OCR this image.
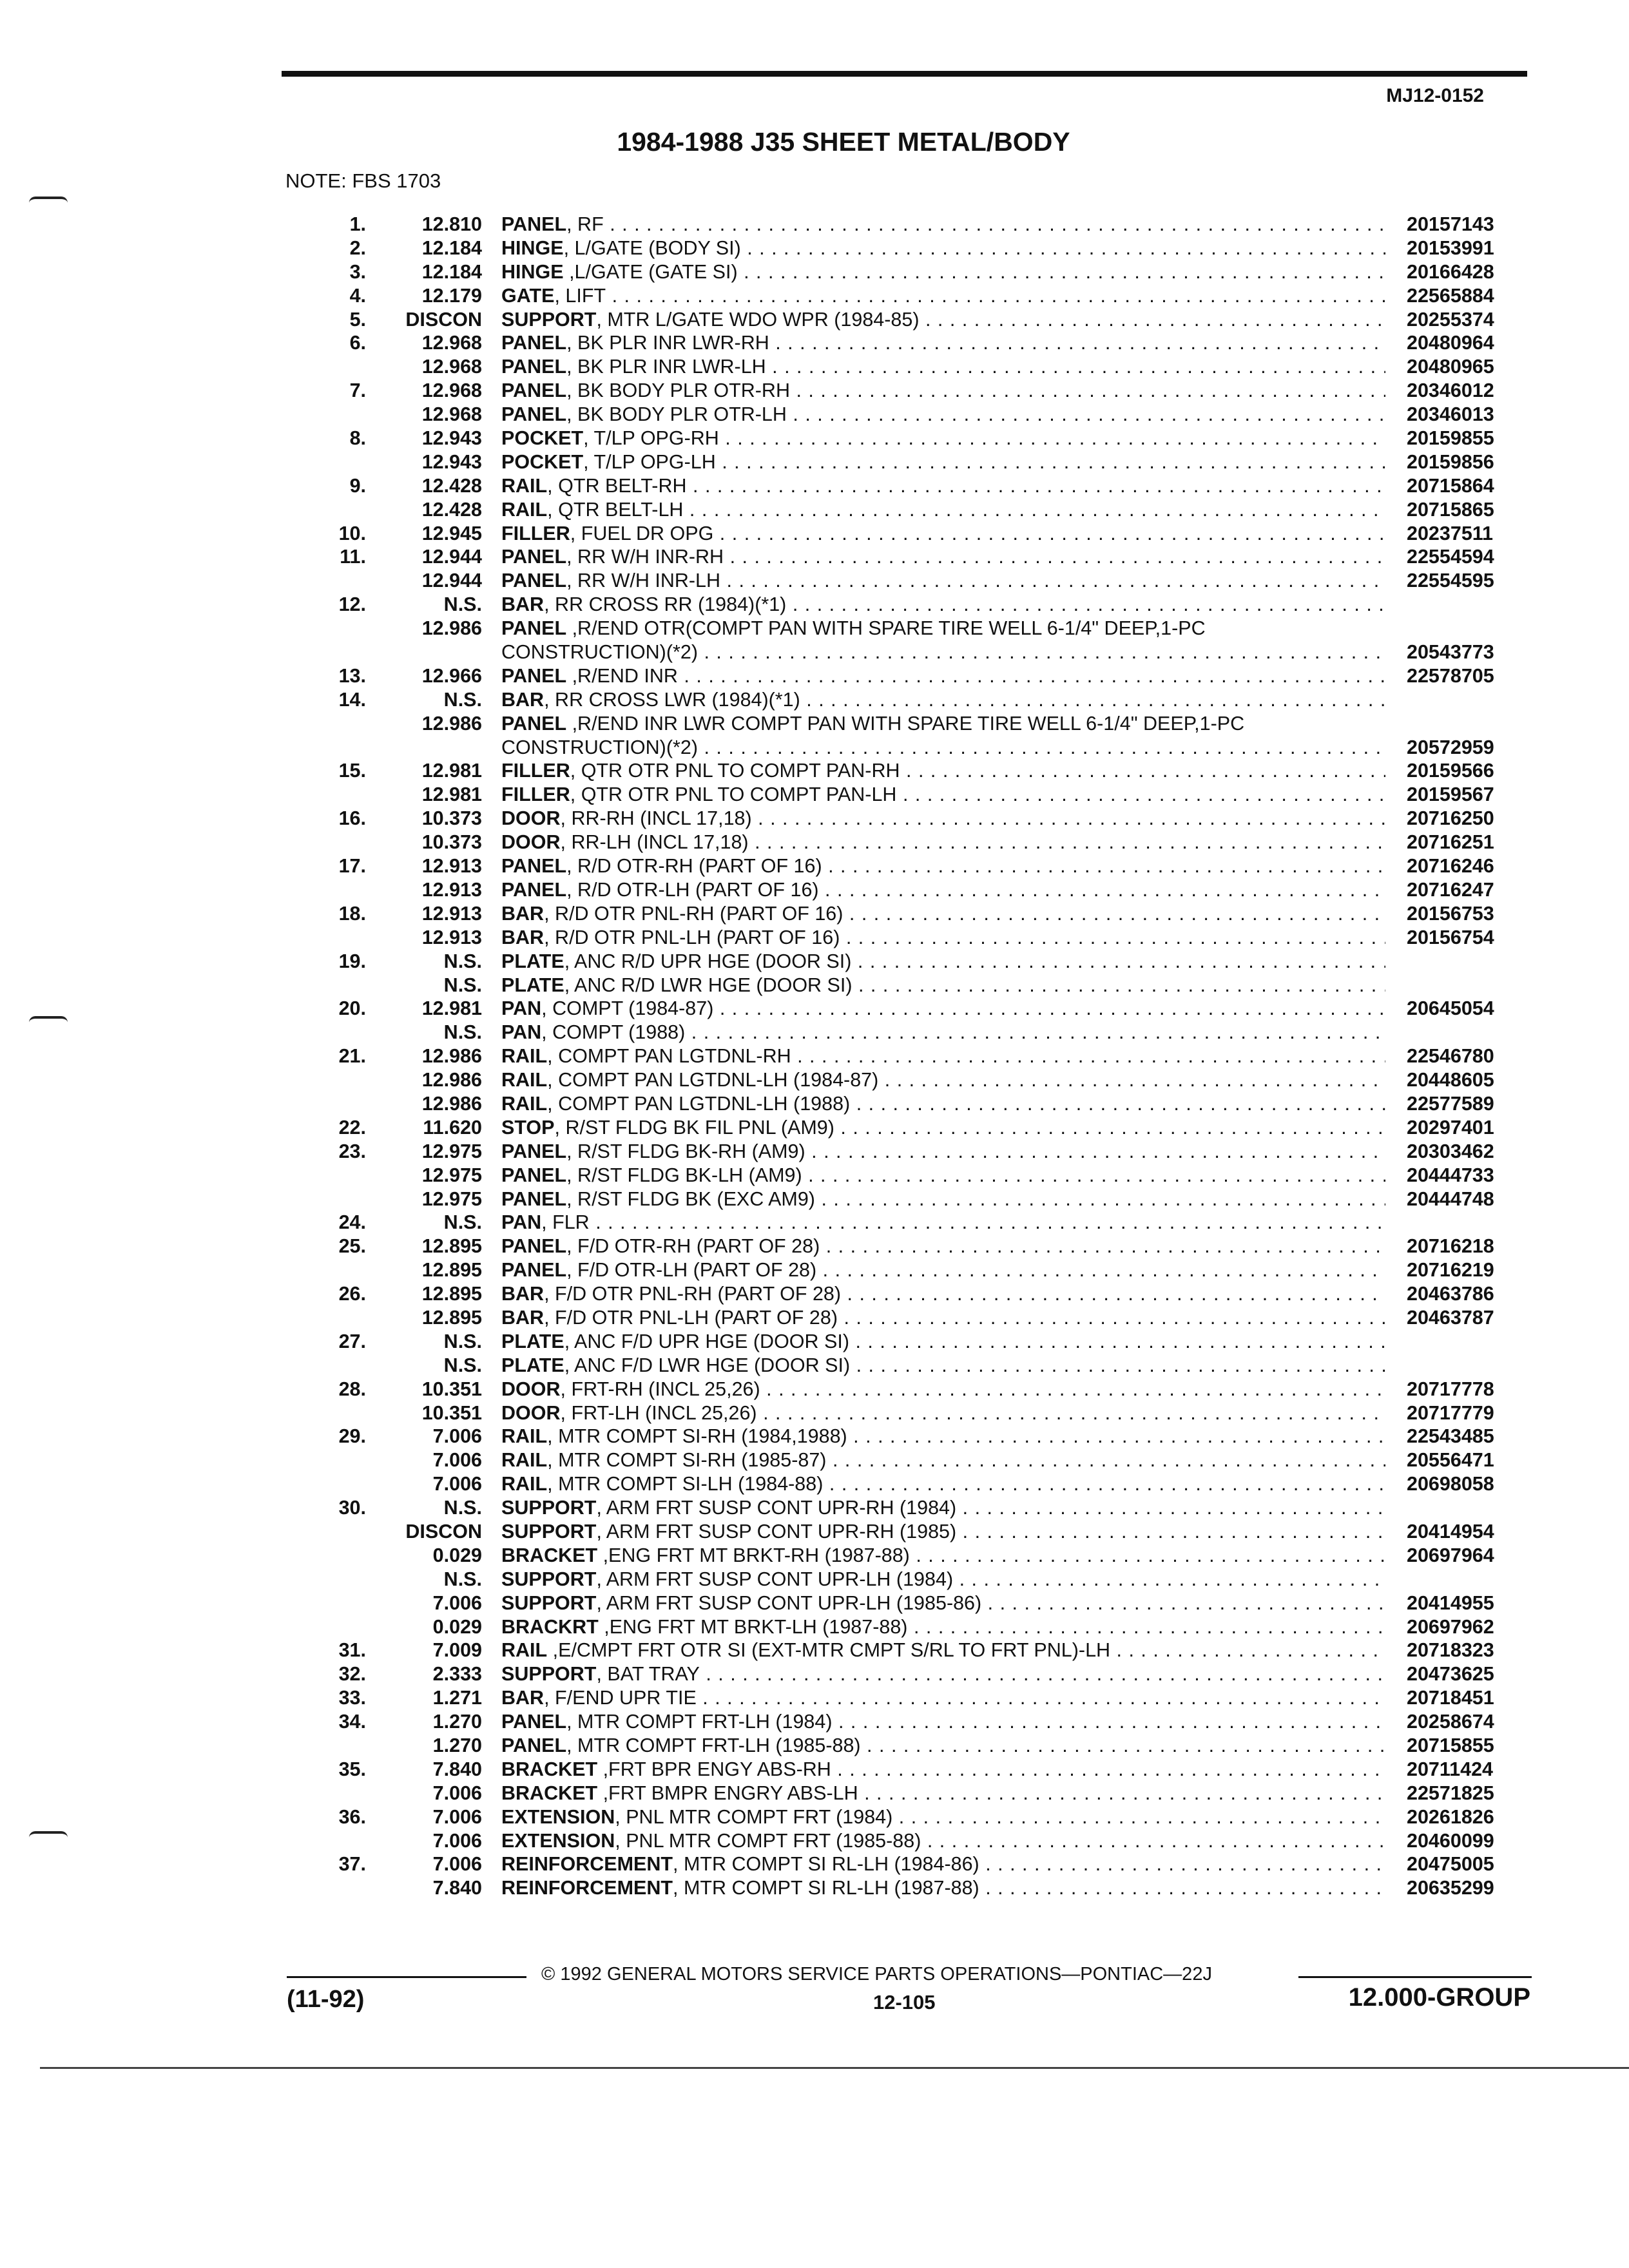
MJ12-0152
1984-1988 J35 SHEET METAL/BODY
NOTE: FBS 1703
1.	12.810 PANEL, RF . . .	20157143
2.	12.184 HINGE, L/GATE (BODY SI) . . .	20153991
3.	12.184 HINGE ,L/GATE (GATE SI) . . .	20166428
4.	12.179 GATE, LIFT . . .	22565884
5. DISCON SUPPORT, MTR L/GATE WDO WPR (1984-85) . . .	20255374
6.	12.968 PANEL, BK PLR INR LWR-RH . . .	20480964
12.968 PANEL, BK PLR INR LWR-LH . . .	20480965
7.	12.968 PANEL, BK BODY PLR OTR-RH . . .	20346012
12.968 PANEL, BK BODY PLR OTR-LH . . .	20346013
8.	12.943 POCKET, T/LP OPG-RH . . .	20159855
12.943 POCKET, T/LP OPG-LH . . .	20159856
9.	12.428 RAIL, QTR BELT-RH . . .	20715864
12.428 RAIL, QTR BELT-LH . . .	20715865
10.	12.945 FILLER, FUEL DR OPG . . .	20237511
11.	12.944 PANEL, RR W/H INR-RH . . .	22554594
12.944 PANEL, RR W/H INR-LH . . .	22554595
12.	N.S. BAR, RR CROSS RR (1984)(*1) . . .
12.986 PANEL ,R/END OTR(COMPT PAN WITH SPARE TIRE WELL 6-1/4" DEEP,1-PC
CONSTRUCTION)(*2) . . .	20543773
13.	12.966 PANEL ,R/END INR . . .	22578705
14.	N.S. BAR, RR CROSS LWR (1984)(*1) . . .
12.986 PANEL ,R/END INR LWR COMPT PAN WITH SPARE TIRE WELL 6-1/4" DEEP,1-PC
CONSTRUCTION)(*2) . . .	20572959
15.	12.981 FILLER, QTR OTR PNL TO COMPT PAN-RH . . .	20159566
12.981 FILLER, QTR OTR PNL TO COMPT PAN-LH . . .	20159567
16.	10.373 DOOR, RR-RH (INCL 17,18) . . .	20716250
10.373 DOOR, RR-LH (INCL 17,18) . . .	20716251
17.	12.913 PANEL, R/D OTR-RH (PART OF 16) . . .	20716246
12.913 PANEL, R/D OTR-LH (PART OF 16) . . .	20716247
18.	12.913 BAR, R/D OTR PNL-RH (PART OF 16) . . .	20156753
12.913 BAR, R/D OTR PNL-LH (PART OF 16) . . .	20156754
19.	N.S. PLATE, ANC R/D UPR HGE (DOOR SI) . . .
N.S. PLATE, ANC R/D LWR HGE (DOOR SI) . . .
20.	12.981 PAN, COMPT (1984-87) . . .	20645054
N.S. PAN, COMPT (1988) . . .
21.	12.986 RAIL, COMPT PAN LGTDNL-RH . . .	22546780
12.986 RAIL, COMPT PAN LGTDNL-LH (1984-87) . . .	20448605
12.986 RAIL, COMPT PAN LGTDNL-LH (1988) . . .	22577589
22.	11.620 STOP, R/ST FLDG BK FIL PNL (AM9) . . .	20297401
23.	12.975 PANEL, R/ST FLDG BK-RH (AM9) . . .	20303462
12.975 PANEL, R/ST FLDG BK-LH (AM9) . . .	20444733
12.975 PANEL, R/ST FLDG BK (EXC AM9) . . .	20444748
24.	N.S. PAN, FLR . . .
25.	12.895 PANEL, F/D OTR-RH (PART OF 28) . . .	20716218
12.895 PANEL, F/D OTR-LH (PART OF 28) . . .	20716219
26.	12.895 BAR, F/D OTR PNL-RH (PART OF 28) . . .	20463786
12.895 BAR, F/D OTR PNL-LH (PART OF 28) . . .	20463787
27.	N.S. PLATE, ANC F/D UPR HGE (DOOR SI) . . .
N.S. PLATE, ANC F/D LWR HGE (DOOR SI) . . .
28.	10.351 DOOR, FRT-RH (INCL 25,26) . . .	20717778
10.351 DOOR, FRT-LH (INCL 25,26) . . .	20717779
29.	7.006 RAIL, MTR COMPT SI-RH (1984,1988) . . .	22543485
7.006 RAIL, MTR COMPT SI-RH (1985-87) . . .	20556471
7.006 RAIL, MTR COMPT SI-LH (1984-88) . . .	20698058
30.	N.S. SUPPORT, ARM FRT SUSP CONT UPR-RH (1984) . . .
DISCON SUPPORT, ARM FRT SUSP CONT UPR-RH (1985) . . .	20414954
0.029 BRACKET ,ENG FRT MT BRKT-RH (1987-88) . . .	20697964
N.S. SUPPORT, ARM FRT SUSP CONT UPR-LH (1984) . . .
7.006 SUPPORT, ARM FRT SUSP CONT UPR-LH (1985-86) . . .	20414955
0.029 BRACKRT ,ENG FRT MT BRKT-LH (1987-88) . . .	20697962
31.	7.009 RAIL ,E/CMPT FRT OTR SI (EXT-MTR CMPT S/RL TO FRT PNL)-LH . . .	20718323
32.	2.333 SUPPORT, BAT TRAY . . .	20473625
33.	1.271 BAR, F/END UPR TIE . . .	20718451
34.	1.270 PANEL, MTR COMPT FRT-LH (1984) . . .	20258674
1.270 PANEL, MTR COMPT FRT-LH (1985-88) . . .	20715855
35.	7.840 BRACKET ,FRT BPR ENGY ABS-RH . . .	20711424
7.006 BRACKET ,FRT BMPR ENGRY ABS-LH . . .	22571825
36.	7.006 EXTENSION, PNL MTR COMPT FRT (1984) . . .	20261826
7.006 EXTENSION, PNL MTR COMPT FRT (1985-88) . . .	20460099
37.	7.006 REINFORCEMENT, MTR COMPT SI RL-LH (1984-86) . . .	20475005
7.840 REINFORCEMENT, MTR COMPT SI RL-LH (1987-88) . . .	20635299
© 1992 GENERAL MOTORS SERVICE PARTS OPERATIONS—PONTIAC—22J
(11-92)	12-105	12.000-GROUP
